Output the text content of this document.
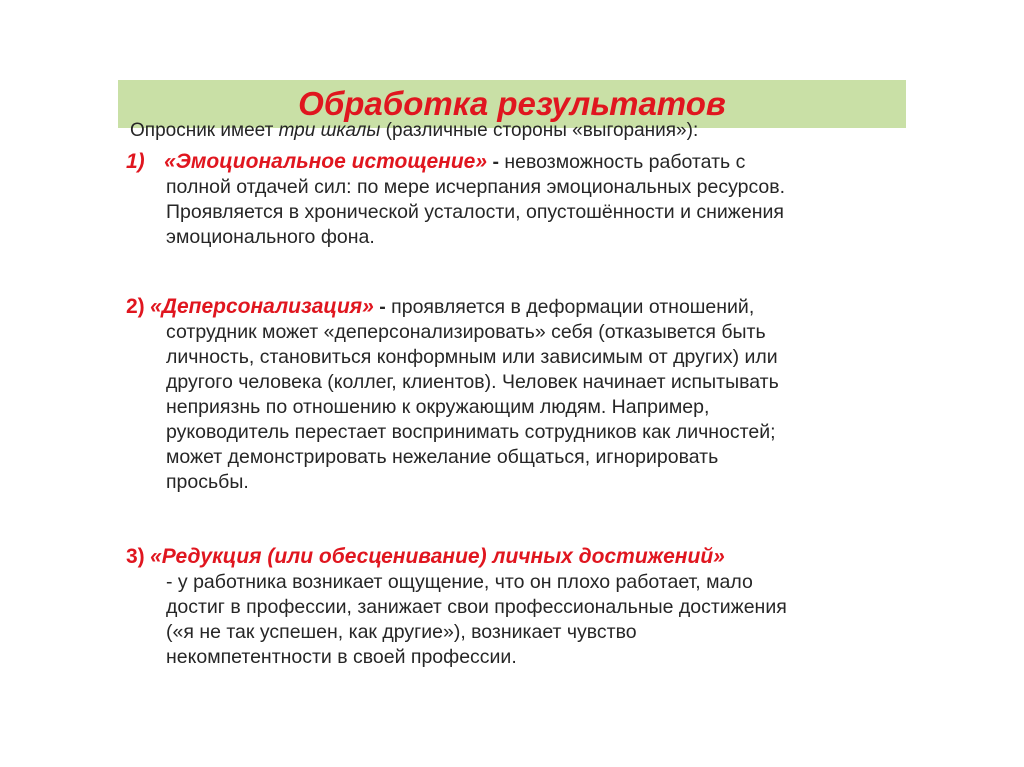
Обработка результатов

Опросник имеет три шкалы (различные стороны «выгорания»):

1) «Эмоциональное истощение» - невозможность работать с
полной отдачей сил: по мере исчерпания эмоциональных ресурсов.
Проявляется в хронической усталости, опустошённости и снижения
эмоционального фона.
2) «Деперсонализация» - проявляется в деформации отношений,
сотрудник может «деперсонализировать» себя (отказывется быть
личность, становиться конформным или зависимым от других) или
другого человека (коллег, клиентов). Человек начинает испытывать
неприязнь по отношению к окружающим людям. Например,
руководитель перестает воспринимать сотрудников как личностей;
может демонстрировать нежелание общаться, игнорировать
просьбы.
3) «Редукция (или обесценивание) личных достижений»
- у работника возникает ощущение, что он плохо работает, мало
достиг в профессии, занижает свои профессиональные достижения
(«я не так успешен, как другие»), возникает чувство
некомпетентности в своей профессии.
